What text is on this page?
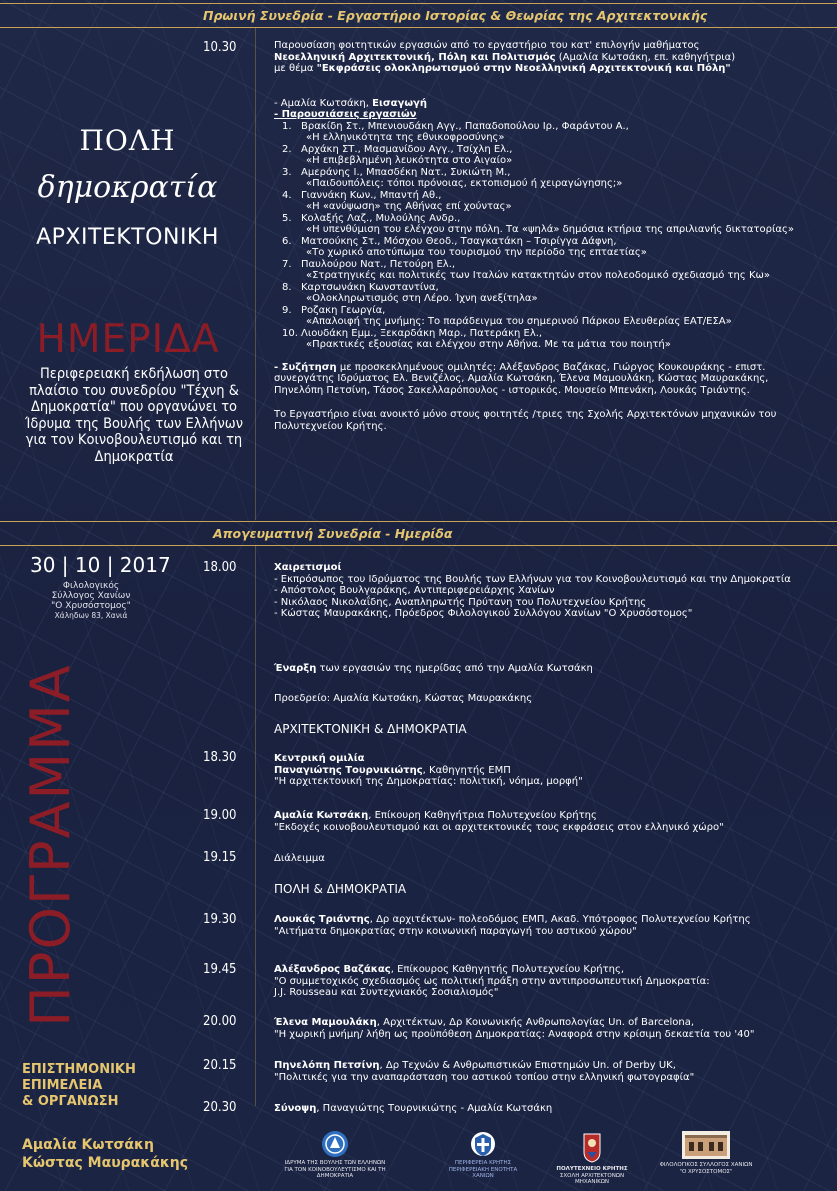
Πρωινή Συνεδρία - Εργαστήριο Ιστορίας & Θεωρίας της Αρχιτεκτονικής
10.30	Παρουσίαση φοιτητικών εργασιών από το εργαστήριο του κατ' επιλογήν μαθήματος
Νεοελληνική Αρχιτεκτονική, Πόλη και Πολιτισμός (Αμαλία Κωτσάκη, επ. καθηγήτρια)
με θέμα "Εκφράσεις ολοκληρωτισμού στην Νεοελληνική Αρχιτεκτονική και Πόλη"
- Αμαλία Κωτσάκη, Εισαγωγή
- Παρουσιάσεις εργασιών
1. Βρακίδη Στ., Μπενιουδάκη Αγγ., Παπαδοπούλου Ιρ., Φαράντου Α.,
«Η ελληνικότητα της εθνικοφροσύνης»
2. Αρχάκη ΣΤ., Μασμανίδου Αγγ., Τσίχλη Ελ.,
«Η επιβεβλημένη λευκότητα στο Αιγαίο»
3. Αμεράνης Ι., Μπασδέκη Νατ., Συκιώτη Μ.,
«Παιδουπόλεις: τόποι πρόνοιας, εκτοπισμού ή χειραγώγησης;»
4. Γιαννάκη Κων., Μπαντή Αθ.,
«Η «ανύψωση» της Αθήνας επί χούντας»
5. Κολαξής Λαζ., Μυλούλης Ανδρ.,
«Η υπενθύμιση του ελέγχου στην πόλη. Τα «ψηλά» δημόσια κτήρια της απριλιανής δικτατορίας»
6. Ματσούκης Στ., Μόσχου Θεοδ., Τσαγκατάκη – Τσιρίγγα Δάφνη,
«Το χωρικό αποτύπωμα του τουρισμού την περίοδο της επταετίας»
7. Παυλούρου Νατ., Πετούρη Ελ.,
«Στρατηγικές και πολιτικές των Ιταλών κατακτητών στον πολεοδομικό σχεδιασμό της Κω»
8. Καρτσωνάκη Κωνσταντίνα,
«Ολοκληρωτισμός στη Λέρο. Ίχνη ανεξίτηλα»
9. Ροζακη Γεωργία,
«Απαλοιφή της μνήμης: Το παράδειγμα του σημερινού Πάρκου Ελευθερίας ΕΑΤ/ΕΣΑ»
10. Λιουδάκη Εμμ., Ξεκαρδάκη Μαρ., Πατεράκη Ελ.,
«Πρακτικές εξουσίας και ελέγχου στην Αθήνα. Με τα μάτια του ποιητή»
- Συζήτηση με προσκεκλημένους ομιλητές: Αλέξανδρος Βαζάκας, Γιώργος Κουκουράκης - επιστ. συνεργάτης Ιδρύματος Ελ. Βενιζέλος, Αμαλία Κωτσάκη, Έλενα Μαμουλάκη, Κώστας Μαυρακάκης, Πηνελόπη Πετσίνη, Τάσος Σακελλαρόπουλος - ιστορικός. Μουσείο Μπενάκη, Λουκάς Τριάντης.
Το Εργαστήριο είναι ανοικτό μόνο στους φοιτητές /τριες της Σχολής Αρχιτεκτόνων μηχανικών του Πολυτεχνείου Κρήτης.
ΠΟΛΗ
δημοκρατία
ΑΡΧΙΤΕΚΤΟΝΙΚΗ
ΗΜΕΡΙΔΑ
Περιφερειακή εκδήλωση στο πλαίσιο του συνεδρίου "Τέχνη & Δημοκρατία" που οργανώνει το Ίδρυμα της Βουλής των Ελλήνων για τον Κοινοβουλευτισμό και τη Δημοκρατία
Απογευματινή Συνεδρία - Ημερίδα
30 | 10 | 2017
Φιλολογικός
Σύλλογος Χανίων
"Ο Χρυσόστομος"
Χάληδων 83, Χανιά
ΠΡΟΓΡΑΜΜΑ
ΕΠΙΣΤΗΜΟΝΙΚΗ
ΕΠΙΜΕΛΕΙΑ
& ΟΡΓΑΝΩΣΗ
Αμαλία Κωτσάκη
Κώστας Μαυρακάκης
18.00
18.30
19.00
19.15
19.30
19.45
20.00
20.15
20.30
Χαιρετισμοί
- Εκπρόσωπος του Ιδρύματος της Βουλής των Ελλήνων για τον Κοινοβουλευτισμό και την Δημοκρατία
- Απόστολος Βουλγαράκης, Αντιπεριφερειάρχης Χανίων
- Νικόλαος Νικολαΐδης, Αναπληρωτής Πρύτανη του Πολυτεχνείου Κρήτης
- Κώστας Μαυρακάκης, Πρόεδρος Φιλολογικού Συλλόγου Χανίων "Ο Χρυσόστομος"
Έναρξη των εργασιών της ημερίδας από την Αμαλία Κωτσάκη
Προεδρείο: Αμαλία Κωτσάκη, Κώστας Μαυρακάκης
ΑΡΧΙΤΕΚΤΟΝΙΚΗ & ΔΗΜΟΚΡΑΤΙΑ
Κεντρική ομιλία
Παναγιώτης Τουρνικιώτης, Καθηγητής ΕΜΠ
"Η αρχιτεκτονική της Δημοκρατίας: πολιτική, νόημα, μορφή"
Αμαλία Κωτσάκη, Επίκουρη Καθηγήτρια Πολυτεχνείου Κρήτης
"Εκδοχές κοινοβουλευτισμού και οι αρχιτεκτονικές τους εκφράσεις στον ελληνικό χώρο"
Διάλειμμα
ΠΟΛΗ & ΔΗΜΟΚΡΑΤΙΑ
Λουκάς Τριάντης, Δρ αρχιτέκτων- πολεοδόμος ΕΜΠ, Ακαδ. Υπότροφος Πολυτεχνείου Κρήτης
"Αιτήματα δημοκρατίας στην κοινωνική παραγωγή του αστικού χώρου"
Αλέξανδρος Βαζάκας, Επίκουρος Καθηγητής Πολυτεχνείου Κρήτης,
"Ο συμμετοχικός σχεδιασμός ως πολιτική πράξη στην αντιπροσωπευτική Δημοκρατία:
J.J. Rousseau και Συντεχνιακός Σοσιαλισμός"
Έλενα Μαμουλάκη, Αρχιτέκτων, Δρ Κοινωνικής Ανθρωπολογίας Un. of Barcelona,
"Η χωρική μνήμη/ λήθη ως προϋπόθεση Δημοκρατίας: Αναφορά στην κρίσιμη δεκαετία του '40"
Πηνελόπη Πετσίνη, Δρ Τεχνών & Ανθρωπιστικών Επιστημών Un. of Derby UK,
"Πολιτικές για την αναπαράσταση του αστικού τοπίου στην ελληνική φωτογραφία"
Σύνοψη, Παναγιώτης Τουρνικιώτης - Αμαλία Κωτσάκη
ΙΔΡΥΜΑ ΤΗΣ ΒΟΥΛΗΣ ΤΩΝ ΕΛΛΗΝΩΝ
ΓΙΑ ΤΟΝ ΚΟΙΝΟΒΟΥΛΕΥΤΙΣΜΟ ΚΑΙ ΤΗ ΔΗΜΟΚΡΑΤΙΑ
ΠΕΡΙΦΕΡΕΙΑ ΚΡΗΤΗΣ
ΠΕΡΙΦΕΡΕΙΑΚΗ ΕΝΟΤΗΤΑ ΧΑΝΙΩΝ
ΠΟΛΥΤΕΧΝΕΙΟ ΚΡΗΤΗΣ
ΣΧΟΛΗ ΑΡΧΙΤΕΚΤΟΝΩΝ ΜΗΧΑΝΙΚΩΝ
ΦΙΛΟΛΟΓΙΚΟΣ ΣΥΛΛΟΓΟΣ ΧΑΝΙΩΝ
"Ο ΧΡΥΣΟΣΤΟΜΟΣ"
